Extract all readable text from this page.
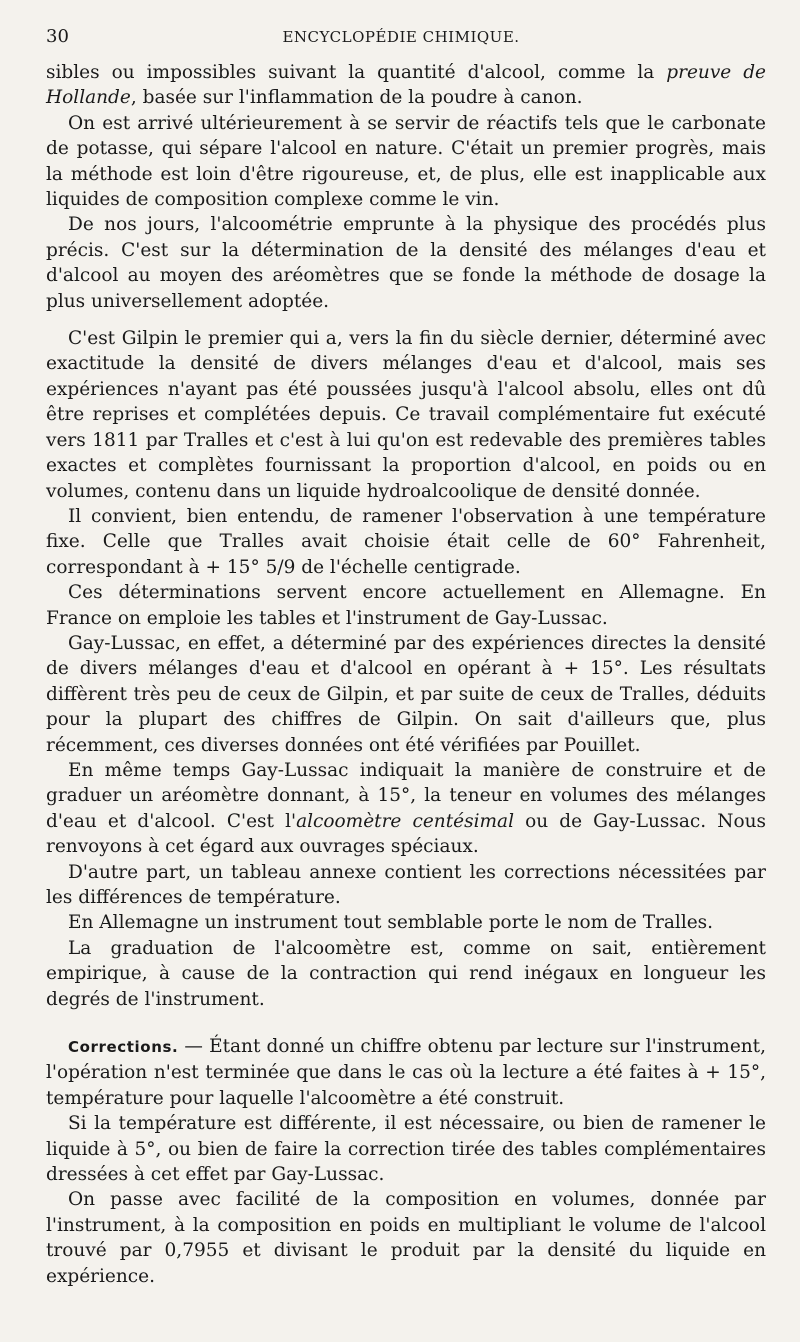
30	ENCYCLOPÉDIE CHIMIQUE.

sibles ou impossibles suivant la quantité d'alcool, comme la preuve de Hollande, basée sur l'inflammation de la poudre à canon.

On est arrivé ultérieurement à se servir de réactifs tels que le carbonate de potasse, qui sépare l'alcool en nature. C'était un premier progrès, mais la méthode est loin d'être rigoureuse, et, de plus, elle est inapplicable aux liquides de composition complexe comme le vin.

De nos jours, l'alcoométrie emprunte à la physique des procédés plus précis. C'est sur la détermination de la densité des mélanges d'eau et d'alcool au moyen des aréomètres que se fonde la méthode de dosage la plus universellement adoptée.

C'est Gilpin le premier qui a, vers la fin du siècle dernier, déterminé avec exactitude la densité de divers mélanges d'eau et d'alcool, mais ses expériences n'ayant pas été poussées jusqu'à l'alcool absolu, elles ont dû être reprises et complétées depuis. Ce travail complémentaire fut exécuté vers 1811 par Tralles et c'est à lui qu'on est redevable des premières tables exactes et complètes fournissant la proportion d'alcool, en poids ou en volumes, contenu dans un liquide hydroalcoolique de densité donnée.

Il convient, bien entendu, de ramener l'observation à une température fixe. Celle que Tralles avait choisie était celle de 60° Fahrenheit, correspondant à + 15° 5/9 de l'échelle centigrade.

Ces déterminations servent encore actuellement en Allemagne. En France on emploie les tables et l'instrument de Gay-Lussac.

Gay-Lussac, en effet, a déterminé par des expériences directes la densité de divers mélanges d'eau et d'alcool en opérant à + 15°. Les résultats diffèrent très peu de ceux de Gilpin, et par suite de ceux de Tralles, déduits pour la plupart des chiffres de Gilpin. On sait d'ailleurs que, plus récemment, ces diverses données ont été vérifiées par Pouillet.

En même temps Gay-Lussac indiquait la manière de construire et de graduer un aréomètre donnant, à 15°, la teneur en volumes des mélanges d'eau et d'alcool. C'est l'alcoomètre centésimal ou de Gay-Lussac. Nous renvoyons à cet égard aux ouvrages spéciaux.

D'autre part, un tableau annexe contient les corrections nécessitées par les différences de température.

En Allemagne un instrument tout semblable porte le nom de Tralles.

La graduation de l'alcoomètre est, comme on sait, entièrement empirique, à cause de la contraction qui rend inégaux en longueur les degrés de l'instrument.

Corrections. — Étant donné un chiffre obtenu par lecture sur l'instrument, l'opération n'est terminée que dans le cas où la lecture a été faites à + 15°, température pour laquelle l'alcoomètre a été construit.

Si la température est différente, il est nécessaire, ou bien de ramener le liquide à 5°, ou bien de faire la correction tirée des tables complémentaires dressées à cet effet par Gay-Lussac.

On passe avec facilité de la composition en volumes, donnée par l'instrument, à la composition en poids en multipliant le volume de l'alcool trouvé par 0,7955 et divisant le produit par la densité du liquide en expérience.
